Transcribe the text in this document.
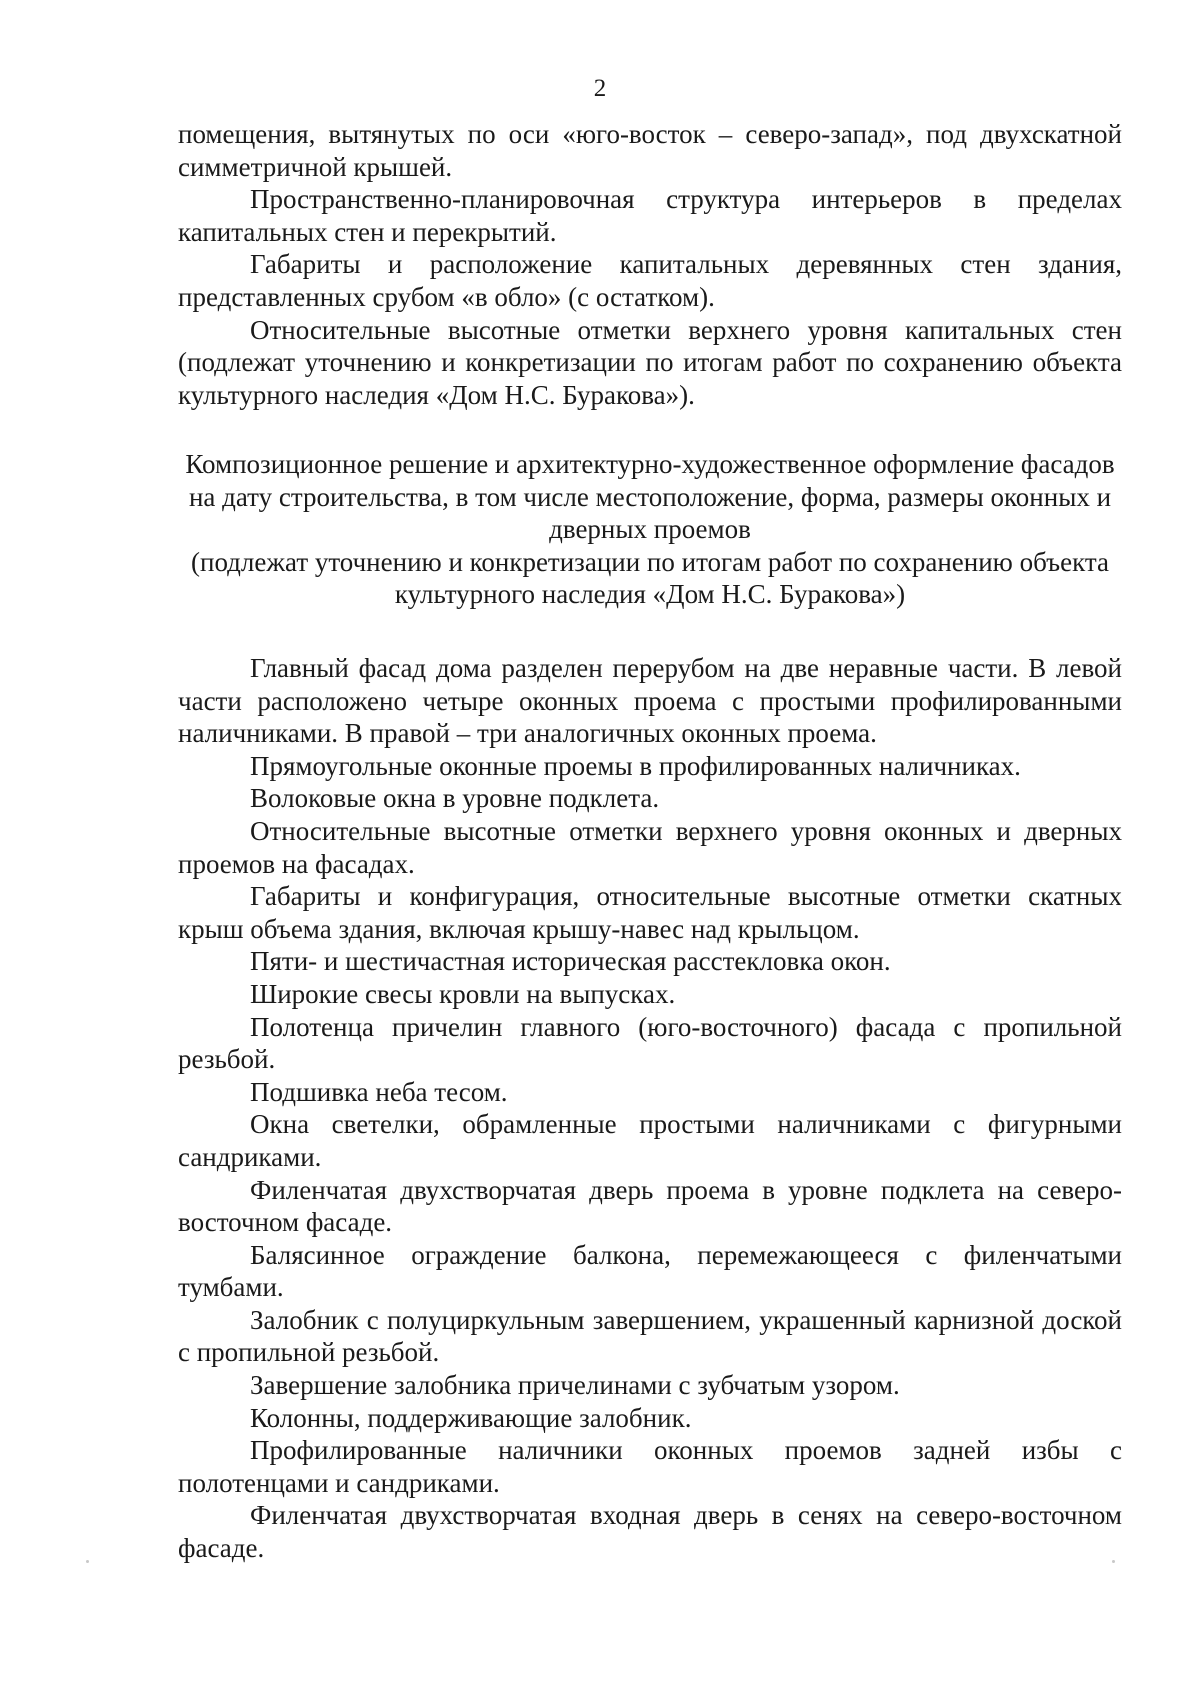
2

помещения, вытянутых по оси «юго-восток – северо-запад», под двухскатной симметричной крышей.

Пространственно-планировочная структура интерьеров в пределах капитальных стен и перекрытий.

Габариты и расположение капитальных деревянных стен здания, представленных срубом «в обло» (с остатком).

Относительные высотные отметки верхнего уровня капитальных стен (подлежат уточнению и конкретизации по итогам работ по сохранению объекта культурного наследия «Дом Н.С. Буракова»).

Композиционное решение и архитектурно-художественное оформление фасадов на дату строительства, в том числе местоположение, форма, размеры оконных и дверных проемов

(подлежат уточнению и конкретизации по итогам работ по сохранению объекта культурного наследия «Дом Н.С. Буракова»)

Главный фасад дома разделен перерубом на две неравные части. В левой части расположено четыре оконных проема с простыми профилированными наличниками. В правой – три аналогичных оконных проема.

Прямоугольные оконные проемы в профилированных наличниках.

Волоковые окна в уровне подклета.

Относительные высотные отметки верхнего уровня оконных и дверных проемов на фасадах.

Габариты и конфигурация, относительные высотные отметки скатных крыш объема здания, включая крышу-навес над крыльцом.

Пяти- и шестичастная историческая расстекловка окон.

Широкие свесы кровли на выпусках.

Полотенца причелин главного (юго-восточного) фасада с пропильной резьбой.

Подшивка неба тесом.

Окна светелки, обрамленные простыми наличниками с фигурными сандриками.

Филенчатая двухстворчатая дверь проема в уровне подклета на северо-восточном фасаде.

Балясинное ограждение балкона, перемежающееся с филенчатыми тумбами.

Залобник с полуциркульным завершением, украшенный карнизной доской с пропильной резьбой.

Завершение залобника причелинами с зубчатым узором.

Колонны, поддерживающие залобник.

Профилированные наличники оконных проемов задней избы с полотенцами и сандриками.

Филенчатая двухстворчатая входная дверь в сенях на северо-восточном фасаде.
